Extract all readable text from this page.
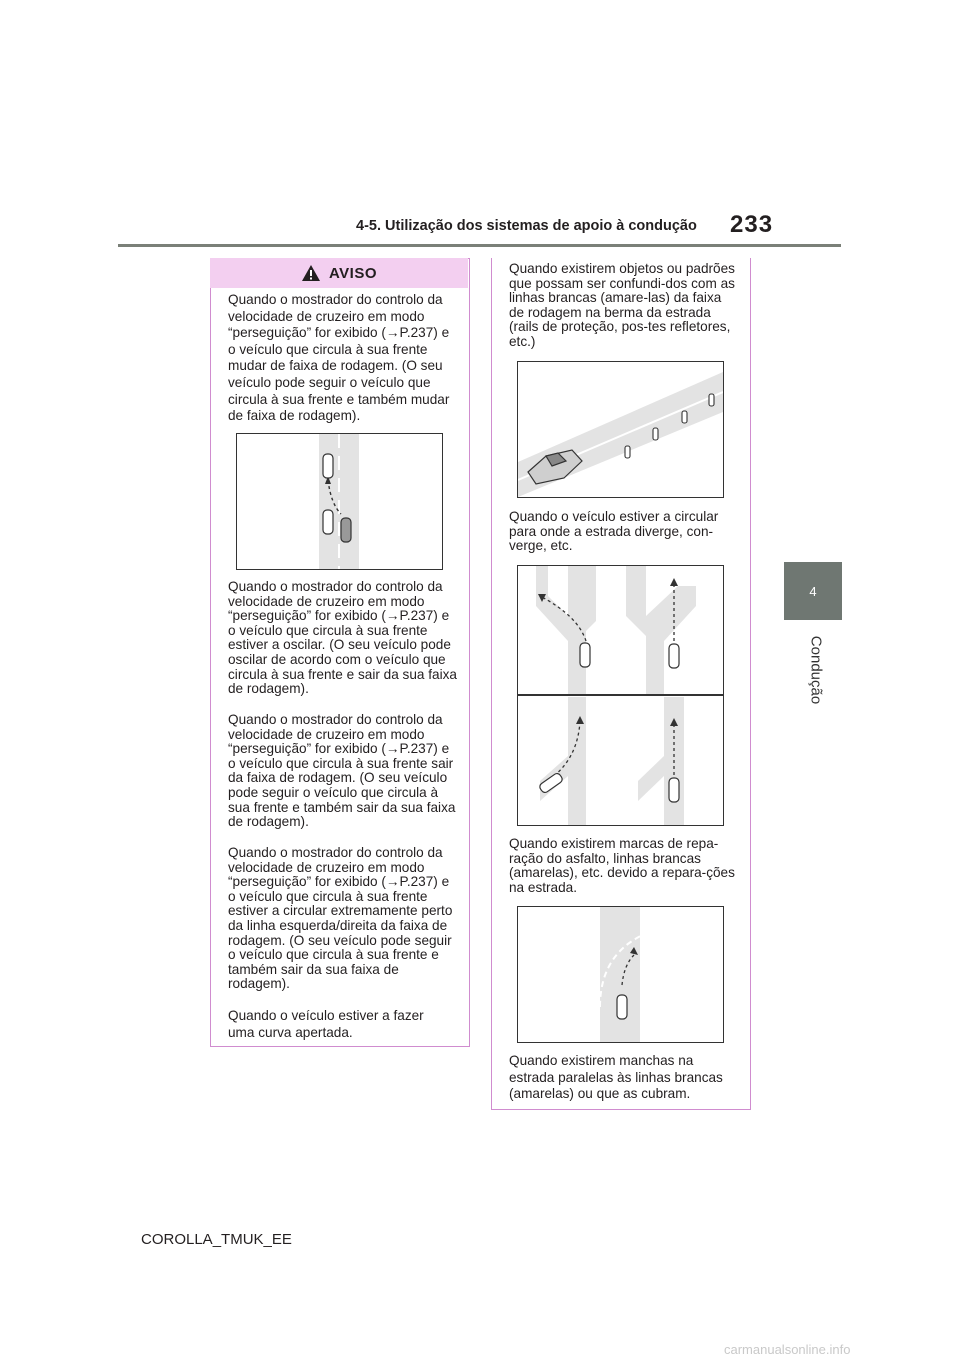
4-5. Utilização dos sistemas de apoio à condução 233
4
Condução
AVISO
Quando o mostrador do controlo da velocidade de cruzeiro em modo “perseguição” for exibido (→P.237) e o veículo que circula à sua frente mudar de faixa de rodagem. (O seu veículo pode seguir o veículo que circula à sua frente e também mudar de faixa de rodagem).
Quando o mostrador do controlo da velocidade de cruzeiro em modo “perseguição” for exibido (→P.237) e o veículo que circula à sua frente estiver a oscilar. (O seu veículo pode oscilar de acordo com o veículo que circula à sua frente e sair da sua faixa de rodagem).
Quando o mostrador do controlo da velocidade de cruzeiro em modo “perseguição” for exibido (→P.237) e o veículo que circula à sua frente sair da faixa de rodagem. (O seu veículo pode seguir o veículo que circula à sua frente e também sair da sua faixa de rodagem).
Quando o mostrador do controlo da velocidade de cruzeiro em modo “perseguição” for exibido (→P.237) e o veículo que circula à sua frente estiver a circular extremamente perto da linha esquerda/direita da faixa de rodagem. (O seu veículo pode seguir o veículo que circula à sua frente e também sair da sua faixa de rodagem).
Quando o veículo estiver a fazer uma curva apertada.
Quando existirem objetos ou padrões que possam ser confundi-dos com as linhas brancas (amare-las) da faixa de rodagem na berma da estrada (rails de proteção, pos-tes refletores, etc.)
Quando o veículo estiver a circular para onde a estrada diverge, con-verge, etc.
Quando existirem marcas de repa-ração do asfalto, linhas brancas (amarelas), etc. devido a repara-ções na estrada.
Quando existirem manchas na estrada paralelas às linhas brancas (amarelas) ou que as cubram.
COROLLA_TMUK_EE
carmanualsonline.info
